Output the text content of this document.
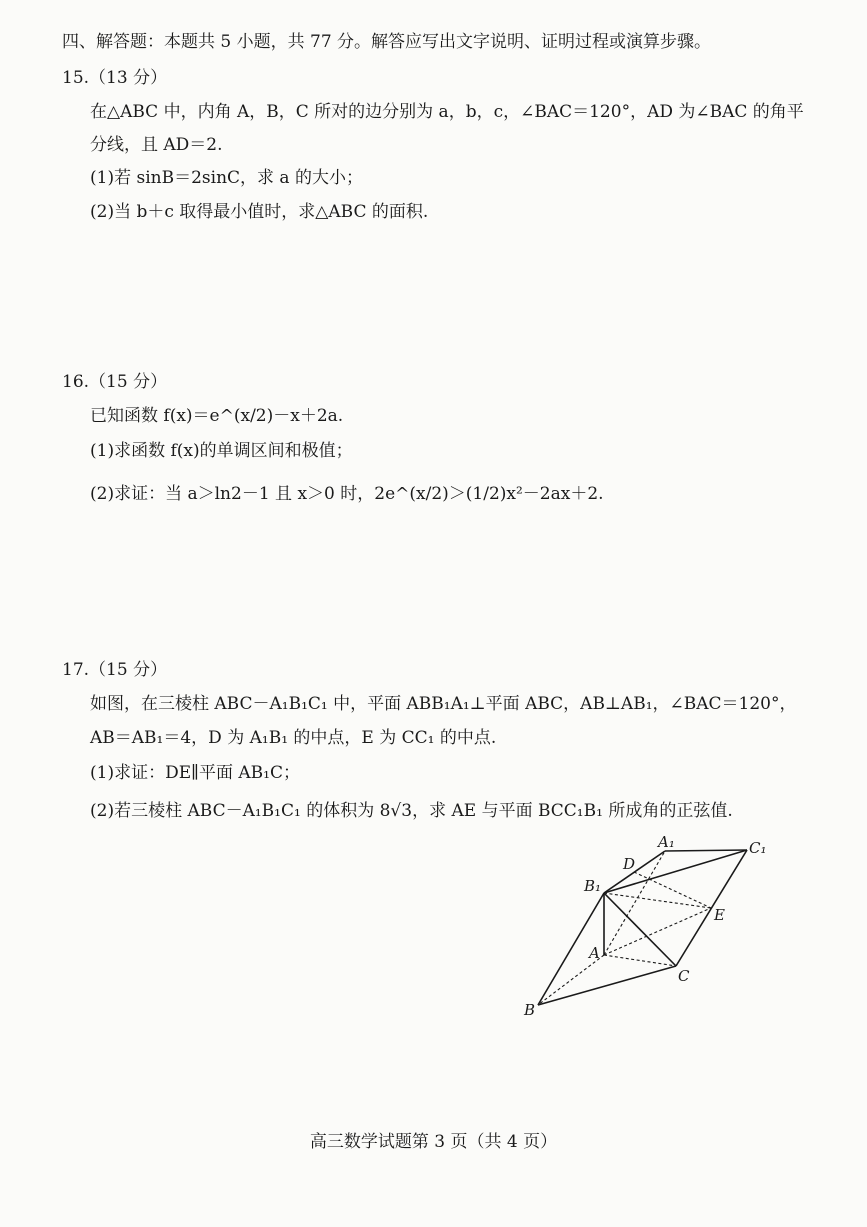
四、解答题：本题共 5 小题，共 77 分。解答应写出文字说明、证明过程或演算步骤。
15.（13 分）
在△ABC 中，内角 A，B，C 所对的边分别为 a，b，c，∠BAC＝120°，AD 为∠BAC 的角平
分线，且 AD＝2.
(1)若 sinB＝2sinC，求 a 的大小；
(2)当 b＋c 取得最小值时，求△ABC 的面积.
16.（15 分）
已知函数 f(x)＝e^(x/2)－x＋2a.
(1)求函数 f(x)的单调区间和极值；
(2)求证：当 a＞ln2－1 且 x＞0 时，2e^(x/2)＞(1/2)x²－2ax＋2.
17.（15 分）
如图，在三棱柱 ABC－A₁B₁C₁ 中，平面 ABB₁A₁⊥平面 ABC，AB⊥AB₁，∠BAC＝120°，
AB＝AB₁＝4，D 为 A₁B₁ 的中点，E 为 CC₁ 的中点.
(1)求证：DE∥平面 AB₁C；
(2)若三棱柱 ABC－A₁B₁C₁ 的体积为 8√3，求 AE 与平面 BCC₁B₁ 所成角的正弦值.
A₁	C₁
D
B₁
E
A
C
B
高三数学试题第 3 页（共 4 页）
